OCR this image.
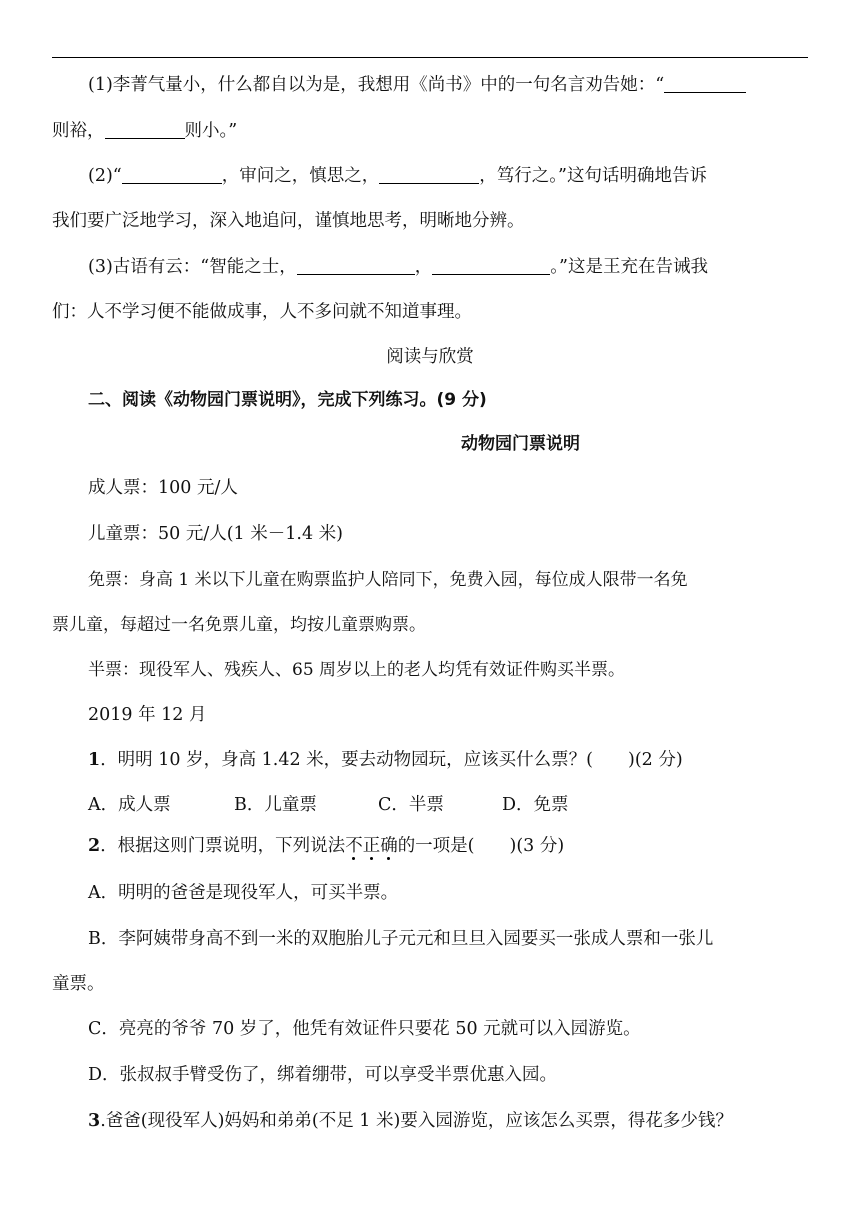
(1)李菁气量小，什么都自以为是，我想用《尚书》中的一句名言劝告她：“
则裕，	则小。”
(2)“	，审问之，慎思之，	，笃行之。”这句话明确地告诉
我们要广泛地学习，深入地追问，谨慎地思考，明晰地分辨。
(3)古语有云：“智能之士，	，	。”这是王充在告诫我
们：人不学习便不能做成事，人不多问就不知道事理。
阅读与欣赏
二、阅读《动物园门票说明》，完成下列练习。(9 分)
动物园门票说明
成人票：100 元/人
儿童票：50 元/人(1 米－1.4 米)
免票：身高 1 米以下儿童在购票监护人陪同下，免费入园，每位成人限带一名免
票儿童，每超过一名免票儿童，均按儿童票购票。
半票：现役军人、残疾人、65 周岁以上的老人均凭有效证件购买半票。
2019 年 12 月
1．明明 10 岁，身高 1.42 米，要去动物园玩，应该买什么票？(　　)(2 分)
A．成人票	B．儿童票	C．半票	D．免票
2．根据这则门票说明，下列说法不正确的一项是(　　)(3 分)
A．明明的爸爸是现役军人，可买半票。
B．李阿姨带身高不到一米的双胞胎儿子元元和旦旦入园要买一张成人票和一张儿
童票。
C．亮亮的爷爷 70 岁了，他凭有效证件只要花 50 元就可以入园游览。
D．张叔叔手臂受伤了，绑着绷带，可以享受半票优惠入园。
3.爸爸(现役军人)妈妈和弟弟(不足 1 米)要入园游览，应该怎么买票，得花多少钱？
